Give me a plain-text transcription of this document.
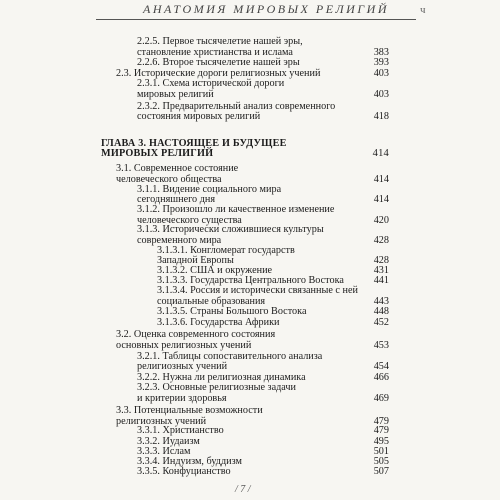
АНАТОМИЯ МИРОВЫХ РЕЛИГИЙ	ч
2.2.5. Первое тысячелетие нашей эры,
становление христианства и ислама	383
2.2.6. Второе тысячелетие нашей эры	393
2.3. Исторические дороги религиозных учений	403
2.3.1. Схема исторической дороги
мировых религий	403
2.3.2. Предварительный анализ современного
состояния мировых религий	418
ГЛАВА 3. НАСТОЯЩЕЕ И БУДУЩЕЕ
МИРОВЫХ РЕЛИГИЙ	414
3.1. Современное состояние
человеческого общества	414
3.1.1. Видение социального мира
сегодняшнего дня	414
3.1.2. Произошло ли качественное изменение
человеческого существа	420
3.1.3. Исторически сложившиеся культуры
современного мира	428
3.1.3.1. Конгломерат государств
Западной Европы	428
3.1.3.2. США и окружение	431
3.1.3.3. Государства Центрального Востока	441
3.1.3.4. Россия и исторически связанные с ней
социальные образования	443
3.1.3.5. Страны Большого Востока	448
3.1.3.6. Государства Африки	452
3.2. Оценка современного состояния
основных религиозных учений	453
3.2.1. Таблицы сопоставительного анализа
религиозных учений	454
3.2.2. Нужна ли религиозная динамика	466
3.2.3. Основные религиозные задачи
и критерии здоровья	469
3.3. Потенциальные возможности
религиозных учений	479
3.3.1. Христианство	479
3.3.2. Иудаизм	495
3.3.3. Ислам	501
3.3.4. Индуизм, буддизм	505
3.3.5. Конфуцианство	507
/ 7 /
